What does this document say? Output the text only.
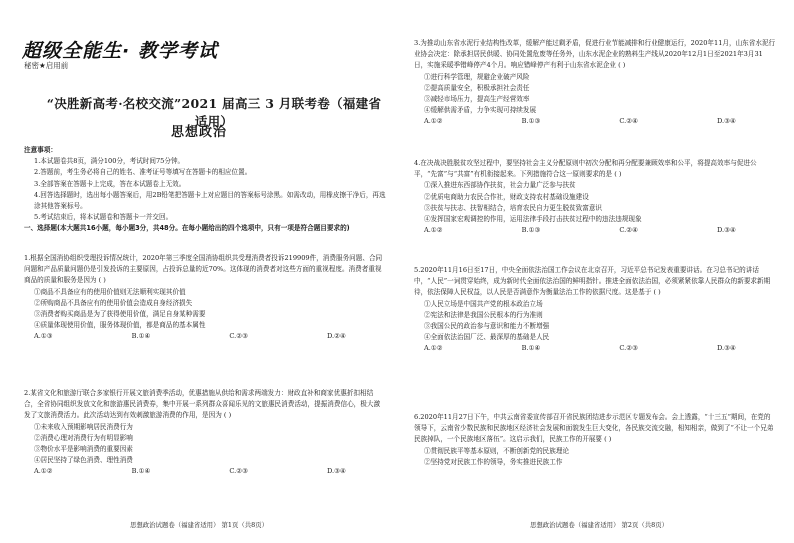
超级全能生· 教学考试
秘密★启用前
“决胜新高考·名校交流”2021 届高三 3 月联考卷（福建省适用）
思想政治
注意事项：
1.本试题卷共8页，满分100分，考试时间75分钟。
2.答题前，考生务必将自己的姓名、准考证号等填写在答题卡的相应位置。
3.全部答案在答题卡上完成，答在本试题卷上无效。
4.回答选择题时，选出每小题答案后，用2B铅笔把答题卡上对应题目的答案标号涂黑。如需改动，用橡皮擦干净后，再选涂其他答案标号。
5.考试结束后，将本试题卷和答题卡一并交回。
一、选择题(本大题共16小题，每小题3分，共48分。在每小题给出的四个选项中，只有一项是符合题目要求的)
1.根据全国消协组织受理投诉情况统计，2020年第三季度全国消协组织共受理消费者投诉219909件，消费服务问题、合同问题和产品质量问题仍是引发投诉的主要原因，占投诉总量的近70%。这体现的消费者对这些方面的重视程度。消费者重视商品的质量和服务是因为 ( )
①商品不具备应有的使用价值则无法顺利实现其价值
②所购商品不具备应有的使用价值会造成自身经济损失
③消费者购买商品是为了获得使用价值，满足自身某种需要
④质量体现使用价值，服务体现价值，都是商品的基本属性
A.①③	B.①④	C.②③	D.②④
2.某省文化和旅游厅联合多家银行开展文旅消费季活动，优惠措施从供给和需求两端发力：财政直补和商家优惠折扣相结合，全省协同组织发放文化和旅游惠民消费券，集中开展一系列群众喜闻乐见的文旅惠民消费活动，提振消费信心，极大激发了文旅消费活力。此次活动达到有效刺激旅游消费的作用，是因为 ( )
①未来收入预期影响居民消费行为
②消费心理对消费行为有明显影响
③物价水平是影响消费的重要因素
④居民坚持了绿色消费、理性消费
A.①②	B.①④	C.②③	D.③④
思想政治试题卷（福建省适用） 第1页（共8页）
3.为推动山东省水泥行业结构性改革，缓解产能过剩矛盾，促进行业节能减排和行业健康运行，2020年11月，山东省水泥行业协会决定：除承担居民供暖、协同处置危废等任务外，山东水泥企业的熟料生产线从2020年12月1日至2021年3月31日，实施采暖季错峰停产4个月。响应错峰停产有利于山东省水泥企业 ( )
①进行科学管理，规避企业破产风险
②提高质量安全，积极承担社会责任
③减轻市场压力，提高生产经营效率
④缓解供需矛盾，力争实现可持续发展
A.①②	B.①③	C.②④	D.③④
4.在决战决胜脱贫攻坚过程中，要坚持社会主义分配原则中初次分配和再分配要兼顾效率和公平，将提高效率与促进公平，“先富”与“共富”有机衔接起来。下列措施符合这一原则要求的是 ( )
①深入推进东西部协作扶贫，社会力量广泛参与扶贫
②优质电商助力农民合作社，财政支持农村基础设施建设
③扶贫与扶志、扶智相结合，培育农民自力更生脱贫致富意识
④发挥国家宏观调控的作用，运用法律手段打击扶贫过程中的违法违规现象
A.①②	B.①③	C.②④	D.③④
5.2020年11月16日至17日，中央全面依法治国工作会议在北京召开，习近平总书记发表重要讲话。在习总书记的讲话中，“人民”一词贯穿始终，成为新时代全面依法治国的鲜明指针。推进全面依法治国，必须紧紧依靠人民群众的新要求新期待，依法保障人民权益，以人民是否满意作为衡量法治工作的依据尺度。这是基于 ( )
①人民立场是中国共产党的根本政治立场
②宪法和法律是我国公民根本的行为准则
③我国公民的政治参与意识和能力不断增强
④全面依法治国厂泛、最深厚的基础是人民
A.①②	B.①④	C.②③	D.③④
6.2020年11月27日下午，中共云南省委宣传部召开省民族团结进步示范区专题发布会。会上透露，“十三五”期间，在党的领导下，云南省少数民族和民族地区经济社会发展和面貌发生巨大变化，各民族交流交融，相知相亲，做到了“不让一个兄弟民族掉队，一个民族地区落伍”。这启示我们，民族工作的开展要 ( )
①贯彻民族平等基本原则，不断创新党的民族理论
②坚持党对民族工作的领导，务实推进民族工作
思想政治试题卷（福建省适用） 第2页（共8页）
